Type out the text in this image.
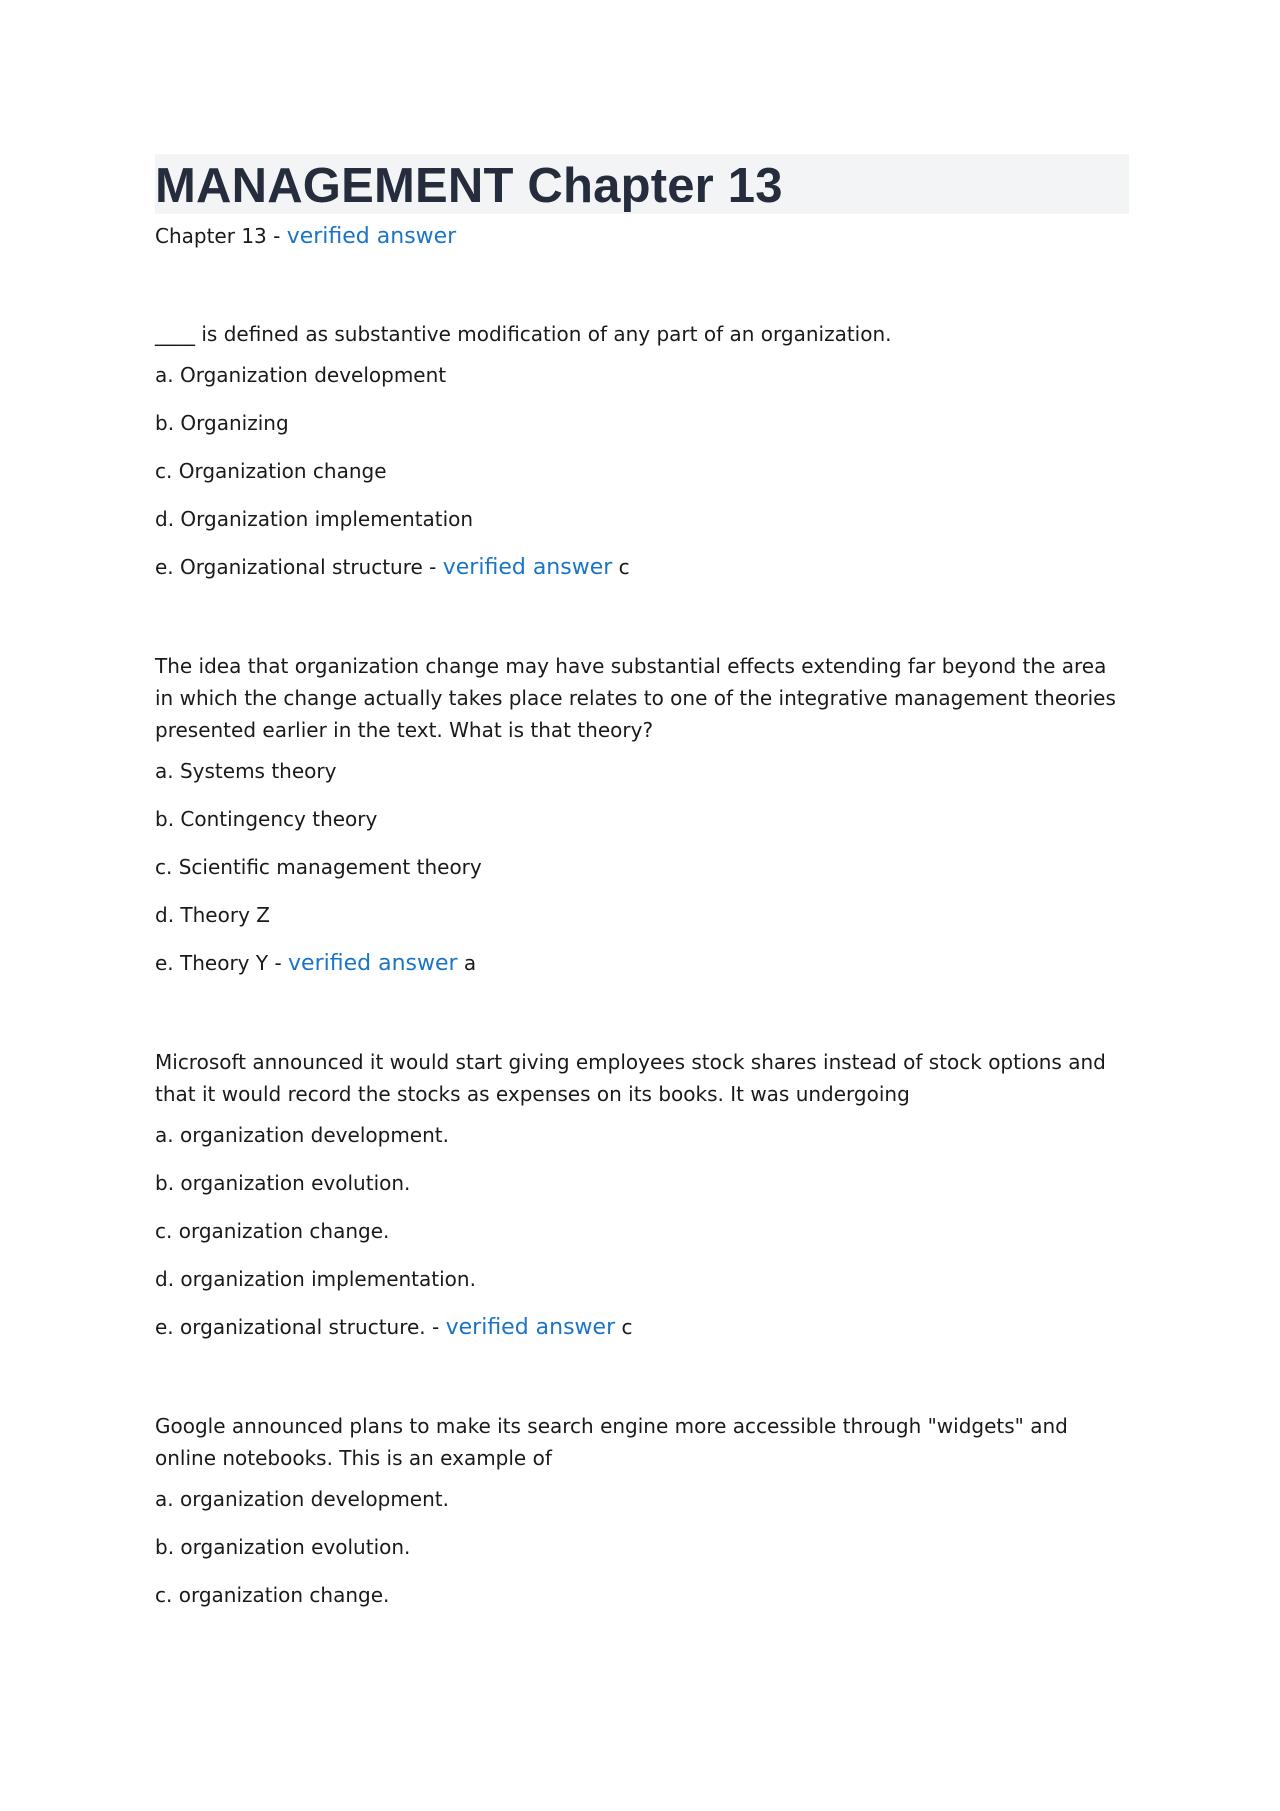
MANAGEMENT Chapter 13
Chapter 13 - verified answer

____ is defined as substantive modification of any part of an organization.

a. Organization development

b. Organizing

c. Organization change

d. Organization implementation

e. Organizational structure - verified answer c

The idea that organization change may have substantial effects extending far beyond the area in which the change actually takes place relates to one of the integrative management theories presented earlier in the text. What is that theory?

a. Systems theory

b. Contingency theory

c. Scientific management theory

d. Theory Z

e. Theory Y - verified answer a

Microsoft announced it would start giving employees stock shares instead of stock options and that it would record the stocks as expenses on its books. It was undergoing

a. organization development.

b. organization evolution.

c. organization change.

d. organization implementation.

e. organizational structure. - verified answer c

Google announced plans to make its search engine more accessible through "widgets" and online notebooks. This is an example of

a. organization development.

b. organization evolution.

c. organization change.
